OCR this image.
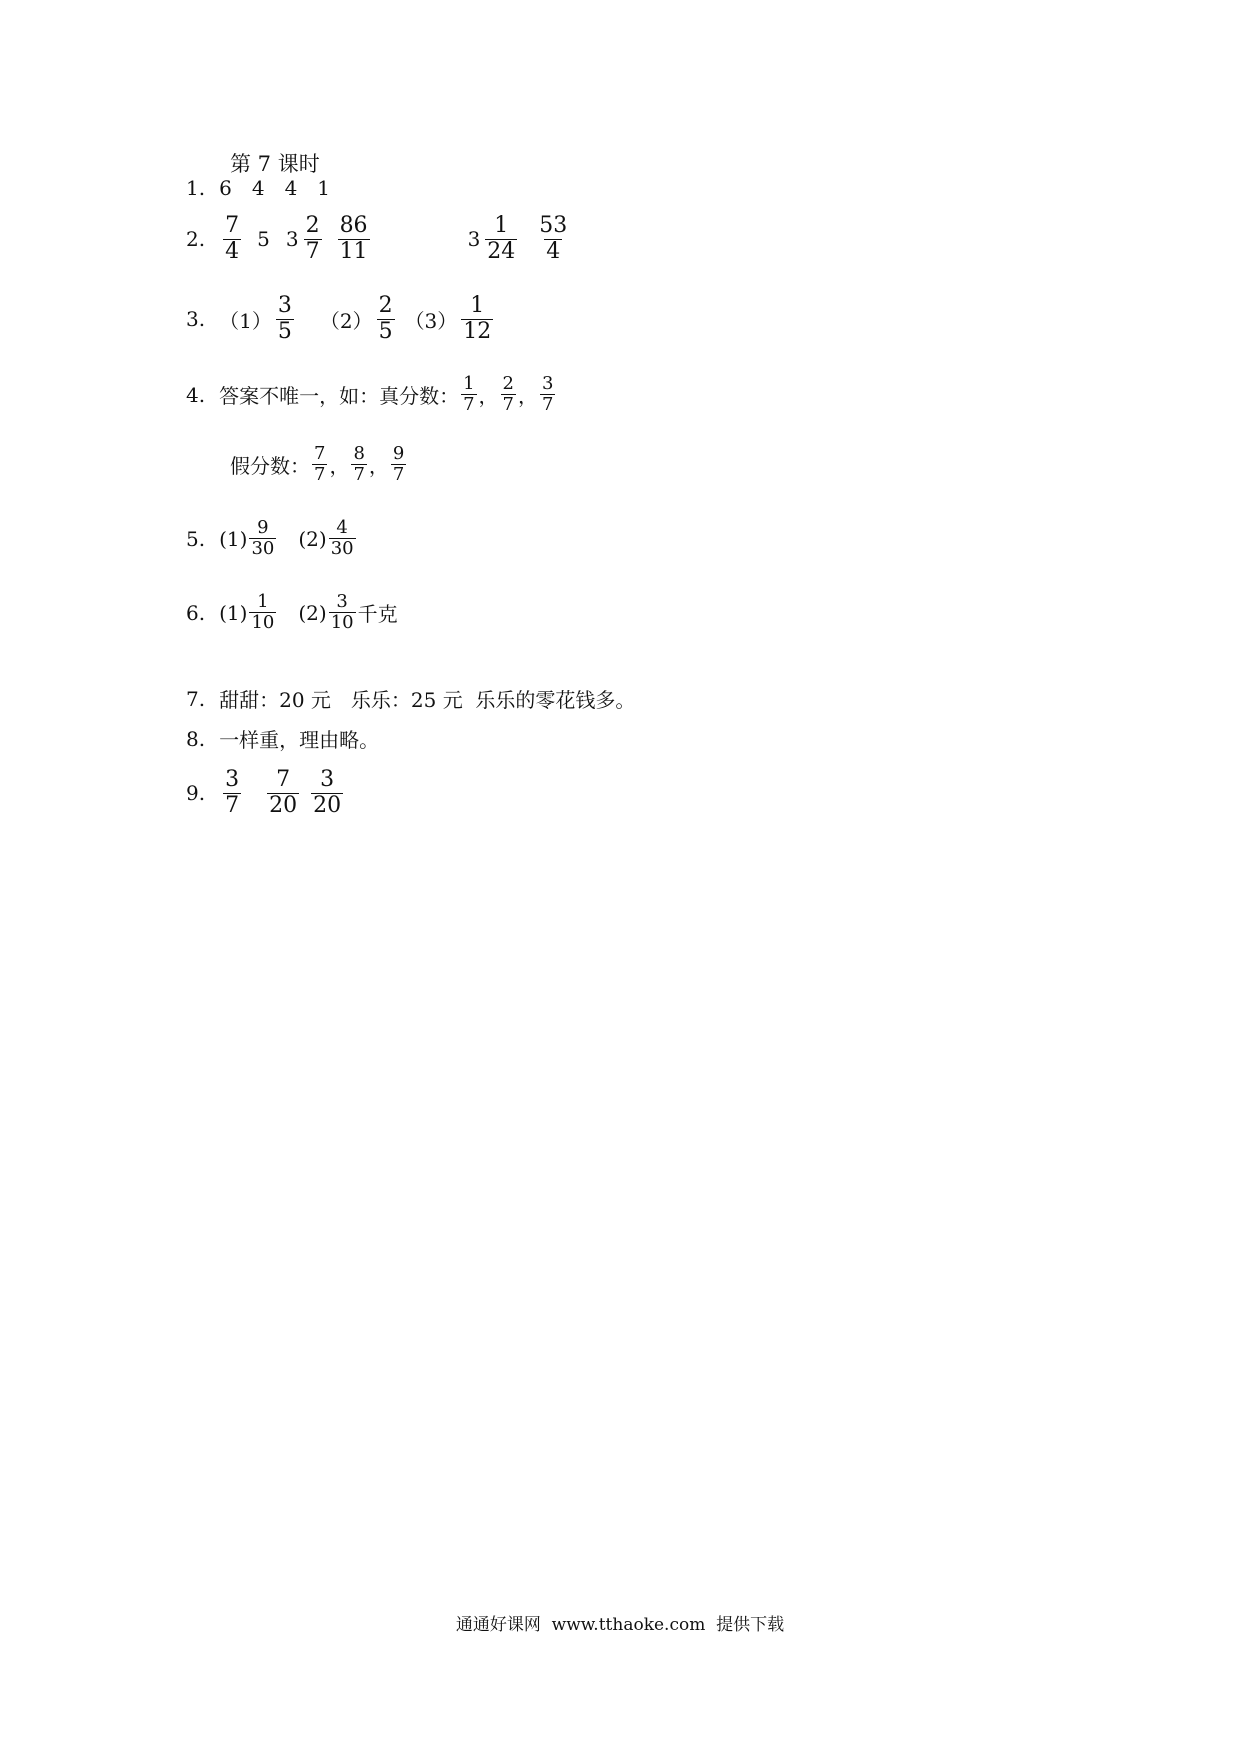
第 7 课时
1. 6 4 4 1
2. $\frac{7}{4} 5$ $3 \frac{2}{7} \frac{86}{11}$	$3 \frac{1}{24} \frac{53}{4}$
3. $(1) \frac{3}{5} (2) \frac{2}{5} (3) \frac{1}{12}$
4. 答案不唯一，如：真分数： $\frac{1}{7}$ ， $\frac{2}{7}$ ， $\frac{3}{7}$
假分数： $\frac{7}{7}$ ， $\frac{8}{7}$ ， $\frac{9}{7}$
5. $(1) \frac{9}{30} (2) \frac{4}{30}$
6. $(1) \frac{1}{10} (2) \frac{3}{10}$ 千克
7. 甜甜：20 元　乐乐：25 元  乐乐的零花钱多。
8. 一样重，理由略。
9. $\frac{3}{7} \frac{7}{20} \frac{3}{20}$
通通好课网  www.tthaoke.com  提供下载
